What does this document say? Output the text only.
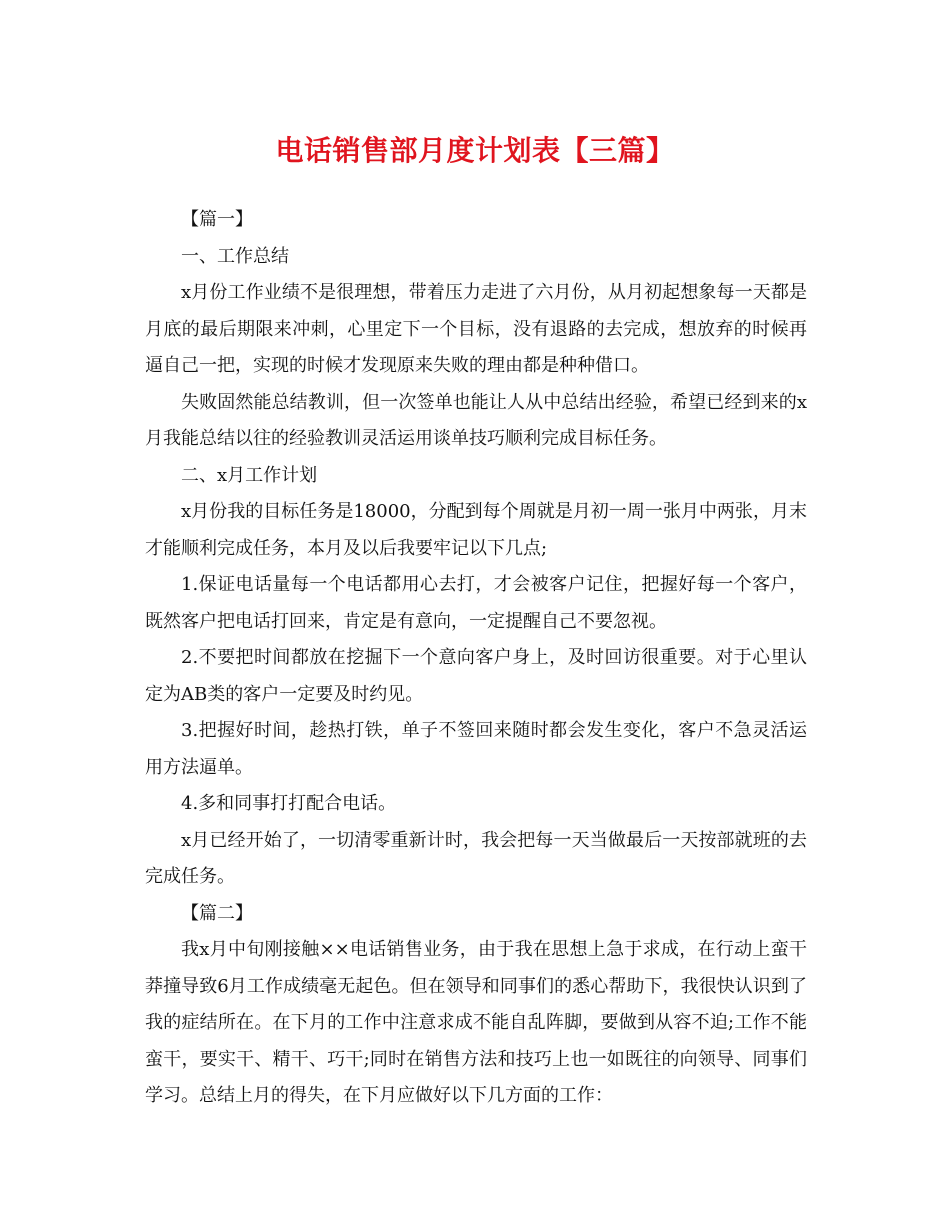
电话销售部月度计划表【三篇】

【篇一】

一、工作总结

x月份工作业绩不是很理想，带着压力走进了六月份，从月初起想象每一天都是月底的最后期限来冲刺，心里定下一个目标，没有退路的去完成，想放弃的时候再逼自己一把，实现的时候才发现原来失败的理由都是种种借口。

失败固然能总结教训，但一次签单也能让人从中总结出经验，希望已经到来的x月我能总结以往的经验教训灵活运用谈单技巧顺利完成目标任务。

二、x月工作计划

x月份我的目标任务是18000，分配到每个周就是月初一周一张月中两张，月末才能顺利完成任务，本月及以后我要牢记以下几点;

1.保证电话量每一个电话都用心去打，才会被客户记住，把握好每一个客户，既然客户把电话打回来，肯定是有意向，一定提醒自己不要忽视。

2.不要把时间都放在挖掘下一个意向客户身上，及时回访很重要。对于心里认定为AB类的客户一定要及时约见。

3.把握好时间，趁热打铁，单子不签回来随时都会发生变化，客户不急灵活运用方法逼单。

4.多和同事打打配合电话。

x月已经开始了，一切清零重新计时，我会把每一天当做最后一天按部就班的去完成任务。

【篇二】

我x月中旬刚接触××电话销售业务，由于我在思想上急于求成，在行动上蛮干莽撞导致6月工作成绩毫无起色。但在领导和同事们的悉心帮助下，我很快认识到了我的症结所在。在下月的工作中注意求成不能自乱阵脚，要做到从容不迫;工作不能蛮干，要实干、精干、巧干;同时在销售方法和技巧上也一如既往的向领导、同事们学习。总结上月的得失，在下月应做好以下几方面的工作：
